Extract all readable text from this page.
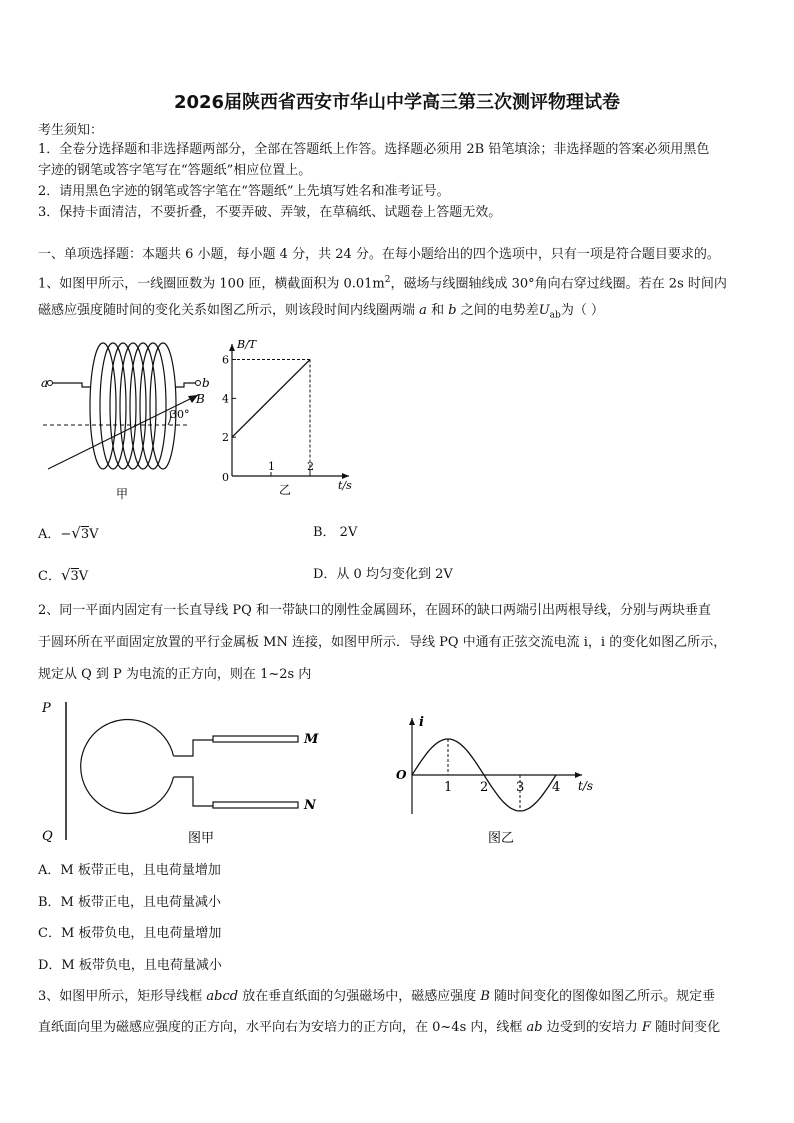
2026届陕西省西安市华山中学高三第三次测评物理试卷
考生须知：
1．全卷分选择题和非选择题两部分，全部在答题纸上作答。选择题必须用 2B 铅笔填涂；非选择题的答案必须用黑色
字迹的钢笔或答字笔写在“答题纸”相应位置上。
2．请用黑色字迹的钢笔或答字笔在“答题纸”上先填写姓名和准考证号。
3．保持卡面清洁，不要折叠，不要弄破、弄皱，在草稿纸、试题卷上答题无效。
一、单项选择题：本题共 6 小题，每小题 4 分，共 24 分。在每小题给出的四个选项中，只有一项是符合题目要求的。
1、如图甲所示，一线圈匝数为 100 匝，横截面积为 $0.01m^2$，磁场与线圈轴线成 30°角向右穿过线圈。若在 2s 时间内
磁感应强度随时间的变化关系如图乙所示，则该段时间内线圈两端 a 和 b 之间的电势差$U_{ab}$为（ ）
a	b
B
30°
甲
2
4
6
1	2
0
t/s
B/T
乙
A．−√3V	B． 2V
C．√3V	D．从 0 均匀变化到 2V
2、同一平面内固定有一长直导线 PQ 和一带缺口的刚性金属圆环，在圆环的缺口两端引出两根导线，分别与两块垂直
于圆环所在平面固定放置的平行金属板 MN 连接，如图甲所示．导线 PQ 中通有正弦交流电流 i，i 的变化如图乙所示，
规定从 Q 到 P 为电流的正方向，则在 1~2s 内
P
Q
M
N
图甲
1 2 3 4
O
i
t/s
图乙
A．M 板带正电，且电荷量增加
B．M 板带正电，且电荷量减小
C．M 板带负电，且电荷量增加
D．M 板带负电，且电荷量减小
3、如图甲所示，矩形导线框 abcd 放在垂直纸面的匀强磁场中，磁感应强度 B 随时间变化的图像如图乙所示。规定垂
直纸面向里为磁感应强度的正方向，水平向右为安培力的正方向，在 0~4s 内，线框 ab 边受到的安培力 F 随时间变化
